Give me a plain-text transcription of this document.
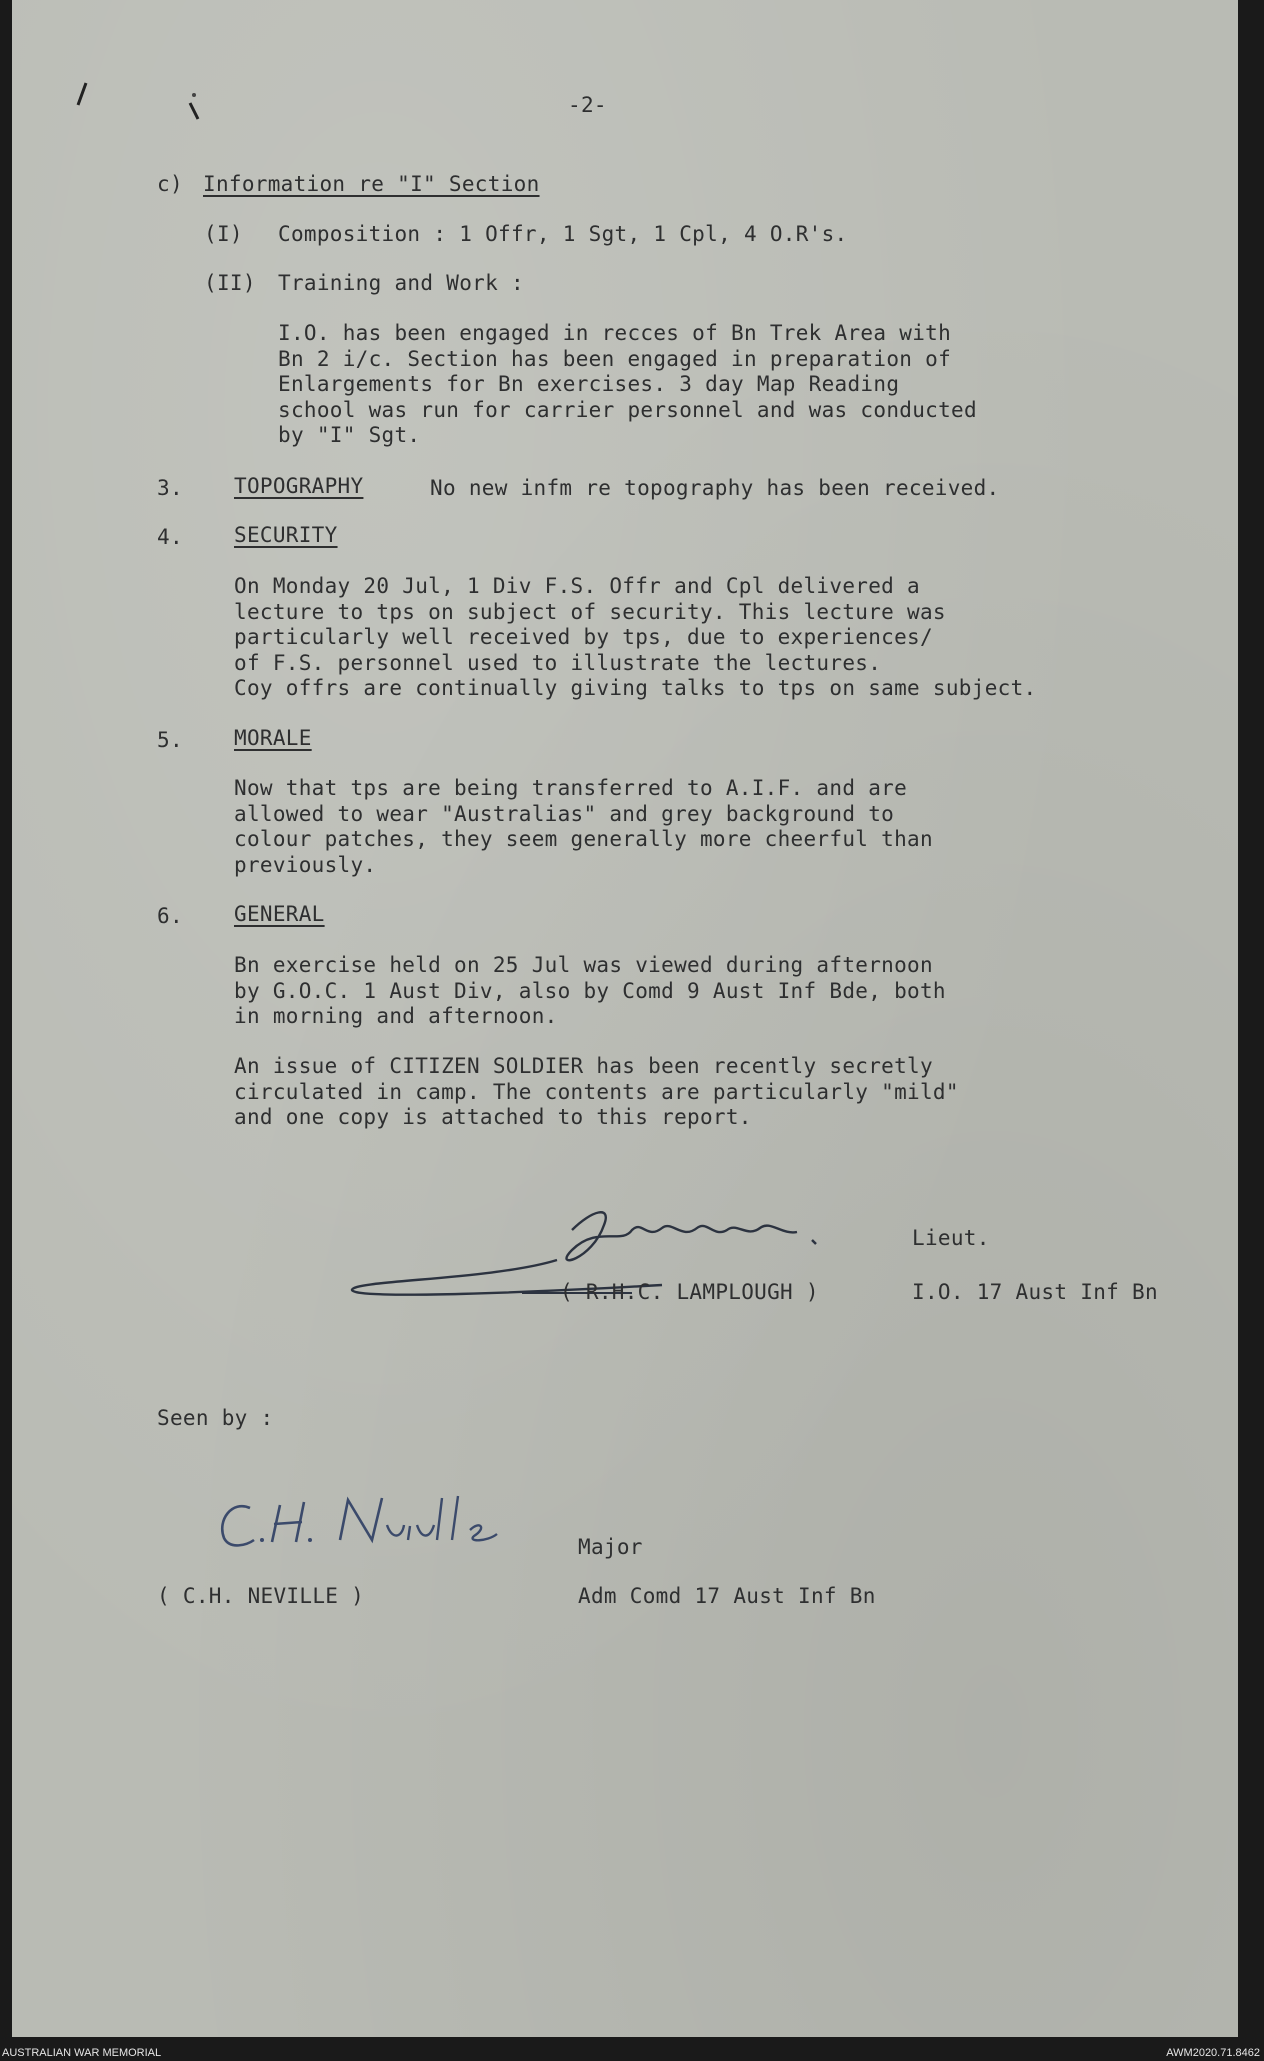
-2-
c) Information re "I" Section
(I) Composition : 1 Offr, 1 Sgt, 1 Cpl, 4 O.R's.
(II) Training and Work :
I.O. has been engaged in recces of Bn Trek Area with
Bn 2 i/c. Section has been engaged in preparation of
Enlargements for Bn exercises. 3 day Map Reading
school was run for carrier personnel and was conducted
by "I" Sgt.
3. TOPOGRAPHY	No new infm re topography has been received.
4. SECURITY
On Monday 20 Jul, 1 Div F.S. Offr and Cpl delivered a
lecture to tps on subject of security. This lecture was
particularly well received by tps, due to experiences/
of F.S. personnel used to illustrate the lectures.
Coy offrs are continually giving talks to tps on same subject.
5. MORALE
Now that tps are being transferred to A.I.F. and are
allowed to wear "Australias" and grey background to
colour patches, they seem generally more cheerful than
previously.
6. GENERAL
Bn exercise held on 25 Jul was viewed during afternoon
by G.O.C. 1 Aust Div, also by Comd 9 Aust Inf Bde, both
in morning and afternoon.
An issue of CITIZEN SOLDIER has been recently secretly
circulated in camp. The contents are particularly "mild"
and one copy is attached to this report.
Lieut.
( R.H.C. LAMPLOUGH )	I.O. 17 Aust Inf Bn
Seen by :
Major
( C.H. NEVILLE )	Adm Comd 17 Aust Inf Bn
AUSTRALIAN WAR MEMORIAL	AWM2020.71.8462
